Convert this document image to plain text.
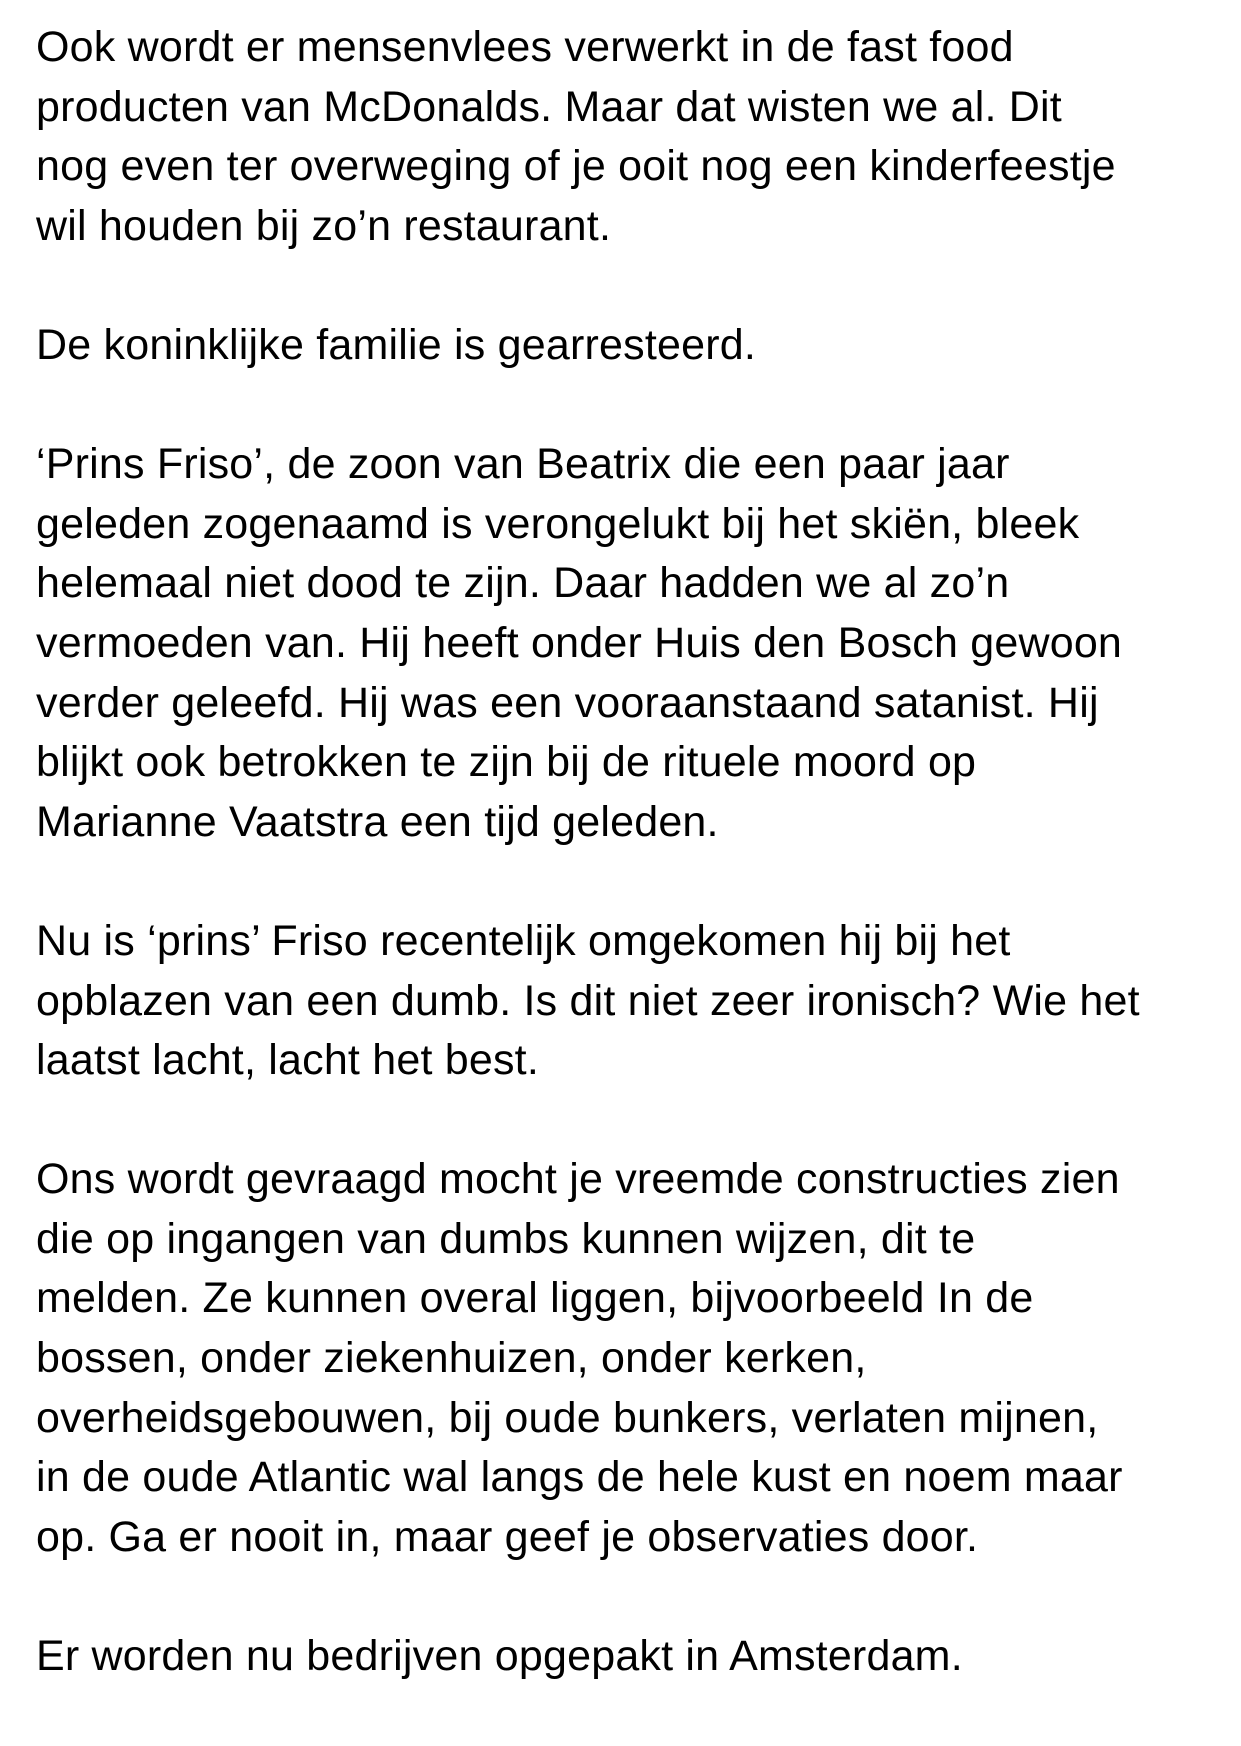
Ook wordt er mensenvlees verwerkt in de fast food
producten van McDonalds. Maar dat wisten we al. Dit
nog even ter overweging of je ooit nog een kinderfeestje
wil houden bij zo’n restaurant.

De koninklijke familie is gearresteerd.

‘Prins Friso’, de zoon van Beatrix die een paar jaar
geleden zogenaamd is verongelukt bij het skiën, bleek
helemaal niet dood te zijn. Daar hadden we al zo’n
vermoeden van. Hij heeft onder Huis den Bosch gewoon
verder geleefd. Hij was een vooraanstaand satanist. Hij
blijkt ook betrokken te zijn bij de rituele moord op
Marianne Vaatstra een tijd geleden.

Nu is ‘prins’ Friso recentelijk omgekomen hij bij het
opblazen van een dumb. Is dit niet zeer ironisch? Wie het
laatst lacht, lacht het best.

Ons wordt gevraagd mocht je vreemde constructies zien
die op ingangen van dumbs kunnen wijzen, dit te
melden. Ze kunnen overal liggen, bijvoorbeeld In de
bossen, onder ziekenhuizen, onder kerken,
overheidsgebouwen, bij oude bunkers, verlaten mijnen,
in de oude Atlantic wal langs de hele kust en noem maar
op. Ga er nooit in, maar geef je observaties door.

Er worden nu bedrijven opgepakt in Amsterdam.
